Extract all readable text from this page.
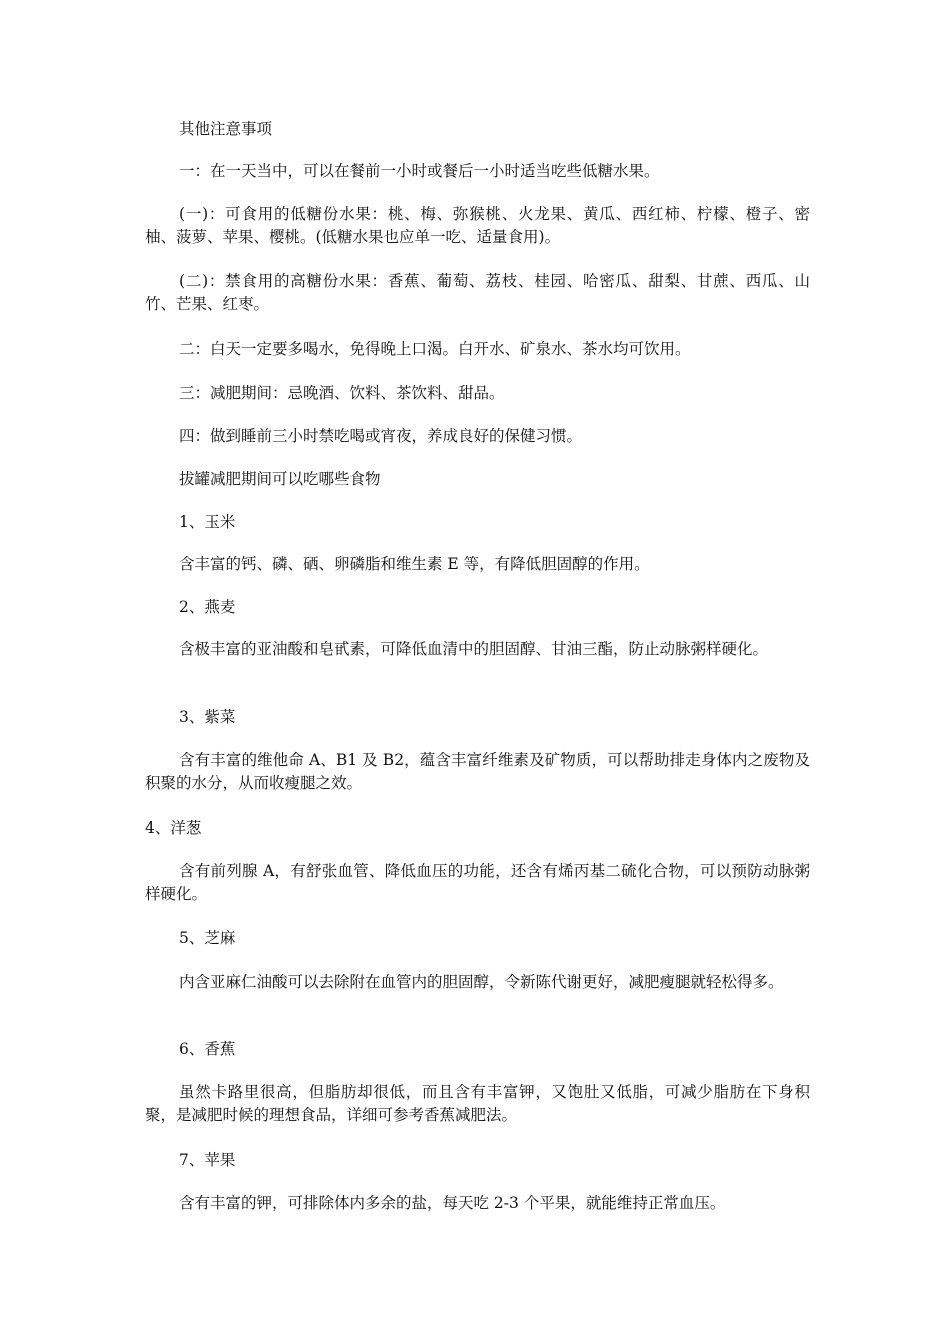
其他注意事项

一：在一天当中，可以在餐前一小时或餐后一小时适当吃些低糖水果。

(一)：可食用的低糖份水果：桃、梅、弥猴桃、火龙果、黄瓜、西红柿、柠檬、橙子、密柚、菠萝、苹果、樱桃。(低糖水果也应单一吃、适量食用)。

(二)：禁食用的高糖份水果：香蕉、葡萄、荔枝、桂园、哈密瓜、甜梨、甘蔗、西瓜、山竹、芒果、红枣。

二：白天一定要多喝水，免得晚上口渴。白开水、矿泉水、茶水均可饮用。

三：减肥期间：忌晚酒、饮料、茶饮料、甜品。

四：做到睡前三小时禁吃喝或宵夜，养成良好的保健习惯。

拔罐减肥期间可以吃哪些食物

1、玉米

含丰富的钙、磷、硒、卵磷脂和维生素 E 等，有降低胆固醇的作用。

2、燕麦

含极丰富的亚油酸和皂甙素，可降低血清中的胆固醇、甘油三酯，防止动脉粥样硬化。

3、紫菜

含有丰富的维他命 A、B1 及 B2，蕴含丰富纤维素及矿物质，可以帮助排走身体内之废物及积聚的水分，从而收瘦腿之效。

4、洋葱

含有前列腺 A，有舒张血管、降低血压的功能，还含有烯丙基二硫化合物，可以预防动脉粥样硬化。

5、芝麻

内含亚麻仁油酸可以去除附在血管内的胆固醇，令新陈代谢更好，减肥瘦腿就轻松得多。

6、香蕉

虽然卡路里很高，但脂肪却很低，而且含有丰富钾，又饱肚又低脂，可减少脂肪在下身积聚，是减肥时候的理想食品，详细可参考香蕉减肥法。

7、苹果

含有丰富的钾，可排除体内多余的盐，每天吃 2-3 个平果，就能维持正常血压。
